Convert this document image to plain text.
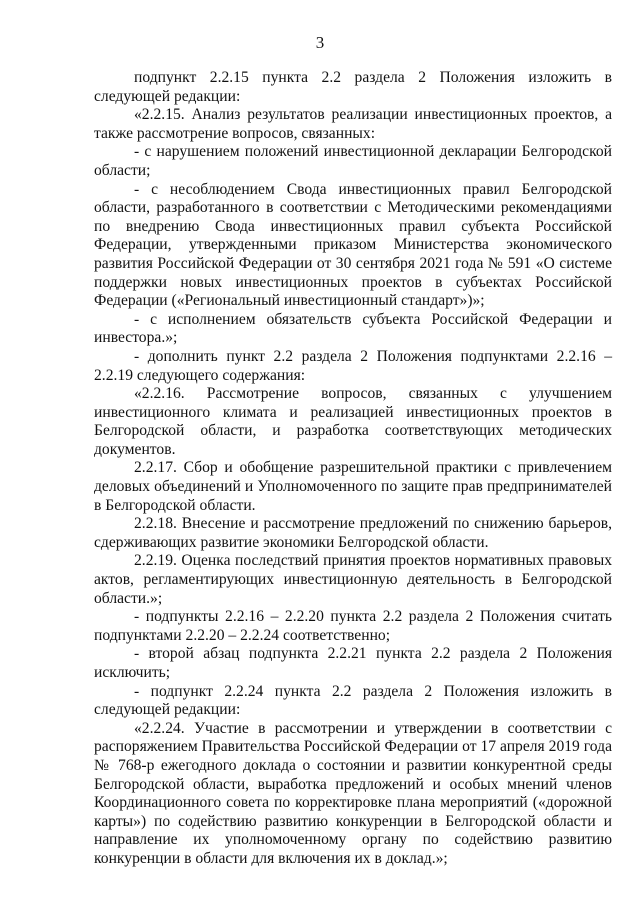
3

подпункт 2.2.15 пункта 2.2 раздела 2 Положения изложить в следующей редакции:

«2.2.15. Анализ результатов реализации инвестиционных проектов, а также рассмотрение вопросов, связанных:

- с нарушением положений инвестиционной декларации Белгородской области;

- с несоблюдением Свода инвестиционных правил Белгородской области, разработанного в соответствии с Методическими рекомендациями по внедрению Свода инвестиционных правил субъекта Российской Федерации, утвержденными приказом Министерства экономического развития Российской Федерации от 30 сентября 2021 года № 591 «О системе поддержки новых инвестиционных проектов в субъектах Российской Федерации («Региональный инвестиционный стандарт»)»;

- с исполнением обязательств субъекта Российской Федерации и инвестора.»;

- дополнить пункт 2.2 раздела 2 Положения подпунктами 2.2.16 – 2.2.19 следующего содержания:

«2.2.16. Рассмотрение вопросов, связанных с улучшением инвестиционного климата и реализацией инвестиционных проектов в Белгородской области, и разработка соответствующих методических документов.

2.2.17. Сбор и обобщение разрешительной практики с привлечением деловых объединений и Уполномоченного по защите прав предпринимателей в Белгородской области.

2.2.18. Внесение и рассмотрение предложений по снижению барьеров, сдерживающих развитие экономики Белгородской области.

2.2.19. Оценка последствий принятия проектов нормативных правовых актов, регламентирующих инвестиционную деятельность в Белгородской области.»;

- подпункты 2.2.16 – 2.2.20 пункта 2.2 раздела 2 Положения считать подпунктами 2.2.20 – 2.2.24 соответственно;

- второй абзац подпункта 2.2.21 пункта 2.2 раздела 2 Положения исключить;

- подпункт 2.2.24 пункта 2.2 раздела 2 Положения изложить в следующей редакции:

«2.2.24. Участие в рассмотрении и утверждении в соответствии с распоряжением Правительства Российской Федерации от 17 апреля 2019 года № 768-р ежегодного доклада о состоянии и развитии конкурентной среды Белгородской области, выработка предложений и особых мнений членов Координационного совета по корректировке плана мероприятий («дорожной карты») по содействию развитию конкуренции в Белгородской области и направление их уполномоченному органу по содействию развитию конкуренции в области для включения их в доклад.»;
